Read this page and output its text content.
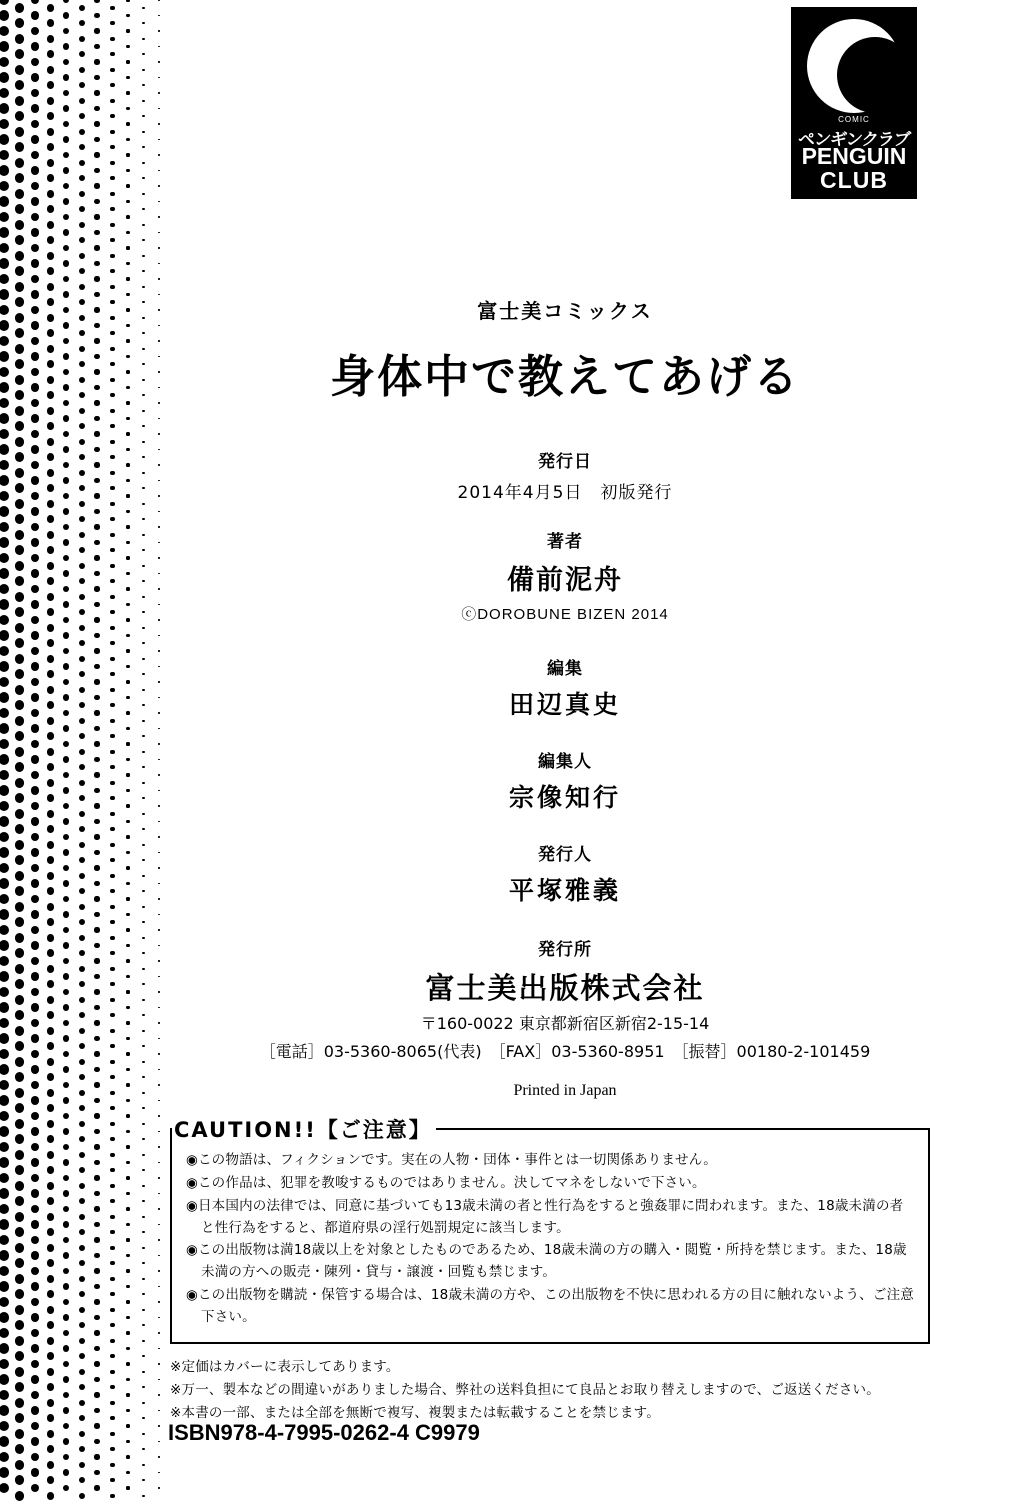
COMIC
ペンギンクラブ
PENGUIN
CLUB
富士美コミックス
身体中で教えてあげる
発行日
2014年4月5日　初版発行
著者
備前泥舟
ⓒDOROBUNE BIZEN 2014
編集
田辺真史
編集人
宗像知行
発行人
平塚雅義
発行所
富士美出版株式会社
〒160-0022 東京都新宿区新宿2-15-14
［電話］03-5360-8065(代表)　［FAX］03-5360-8951　［振替］00180-2-101459
Printed in Japan
CAUTION!!【ご注意】
◉この物語は、フィクションです。実在の人物・団体・事件とは一切関係ありません。
◉この作品は、犯罪を教唆するものではありません。決してマネをしないで下さい。
◉日本国内の法律では、同意に基づいても13歳未満の者と性行為をすると強姦罪に問われます。また、18歳未満の者と性行為をすると、都道府県の淫行処罰規定に該当します。
◉この出版物は満18歳以上を対象としたものであるため、18歳未満の方の購入・閲覧・所持を禁じます。また、18歳未満の方への販売・陳列・貸与・譲渡・回覧も禁じます。
◉この出版物を購読・保管する場合は、18歳未満の方や、この出版物を不快に思われる方の目に触れないよう、ご注意下さい。

※定価はカバーに表示してあります。

※万一、製本などの間違いがありました場合、弊社の送料負担にて良品とお取り替えしますので、ご返送ください。

※本書の一部、または全部を無断で複写、複製または転載することを禁じます。

ISBN978-4-7995-0262-4 C9979
